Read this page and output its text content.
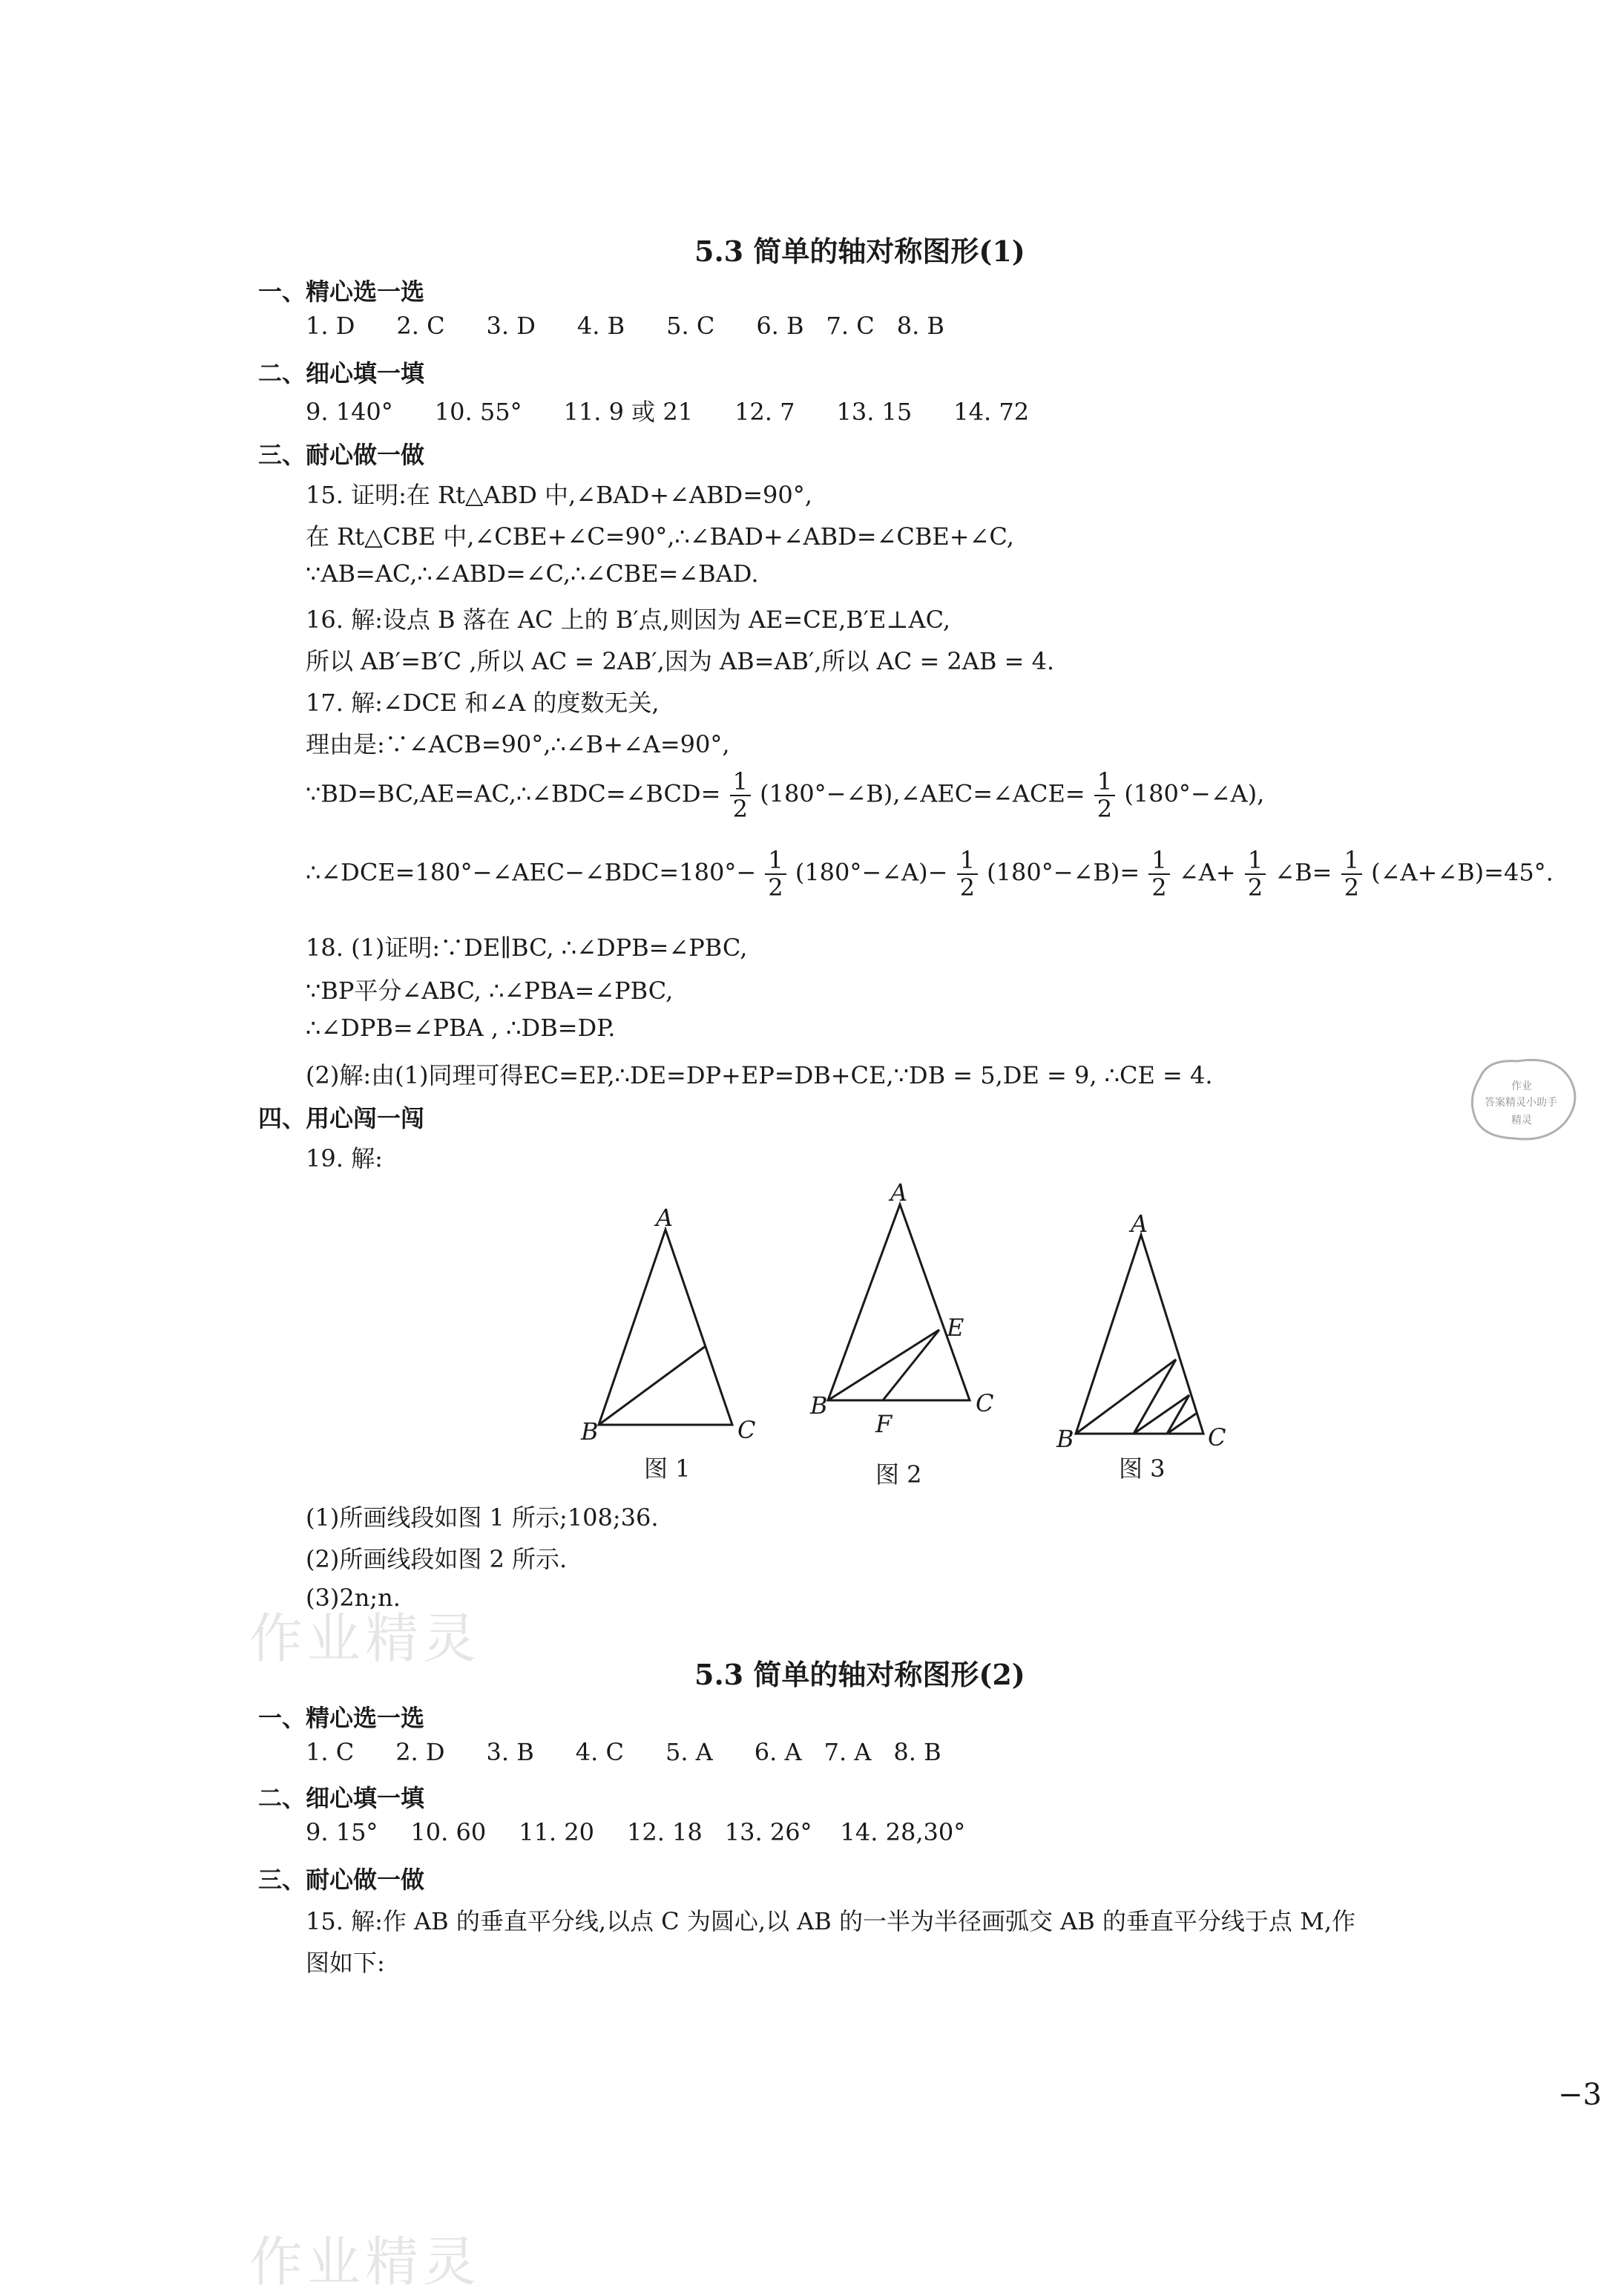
5.3 简单的轴对称图形(1)
一、精心选一选
1. D 2. C 3. D 4. B 5. C 6. B 7. C 8. B
二、细心填一填
9. 140° 10. 55° 11. 9 或 21 12. 7 13. 15 14. 72
三、耐心做一做
15. 证明:在 Rt△ABD 中,∠BAD+∠ABD=90°,
在 Rt△CBE 中,∠CBE+∠C=90°,∴∠BAD+∠ABD=∠CBE+∠C,
∵AB=AC,∴∠ABD=∠C,∴∠CBE=∠BAD.
16. 解:设点 B 落在 AC 上的 B′点,则因为 AE=CE,B′E⊥AC,
所以 AB′=B′C ,所以 AC = 2AB′,因为 AB=AB′,所以 AC = 2AB = 4.
17. 解:∠DCE 和∠A 的度数无关,
理由是:∵∠ACB=90°,∴∠B+∠A=90°,
∵BD=BC,AE=AC,∴∠BDC=∠BCD= $\frac{1}{2}$ (180°−∠B),∠AEC=∠ACE= $\frac{1}{2}$ (180°−∠A),
∴∠DCE=180°−∠AEC−∠BDC=180°− $\frac{1}{2}$ (180°−∠A)− $\frac{1}{2}$ (180°−∠B)= $\frac{1}{2}$ ∠A+ $\frac{1}{2}$ ∠B= $\frac{1}{2}$ (∠A+∠B)=45°.
18. (1)证明:∵DE∥BC, ∴∠DPB=∠PBC,
∵BP平分∠ABC, ∴∠PBA=∠PBC,
∴∠DPB=∠PBA , ∴DB=DP.
(2)解:由(1)同理可得EC=EP,∴DE=DP+EP=DB+CE,∵DB = 5,DE = 9, ∴CE = 4.
四、用心闯一闯
19. 解:
A
B	C
A
B	C
E
F
A
B	C
图 1	图 2	图 3
(1)所画线段如图 1 所示;108;36.
(2)所画线段如图 2 所示.
(3)2n;n.
5.3 简单的轴对称图形(2)
一、精心选一选
1. C 2. D 3. B 4. C 5. A 6. A 7. A 8. B
二、细心填一填
9. 15° 10. 60 11. 20 12. 18 13. 26° 14. 28,30°
三、耐心做一做
15. 解:作 AB 的垂直平分线,以点 C 为圆心,以 AB 的一半为半径画弧交 AB 的垂直平分线于点 M,作
图如下:
−3
作业精灵
作业精灵
作业
答案精灵小助手
精灵
